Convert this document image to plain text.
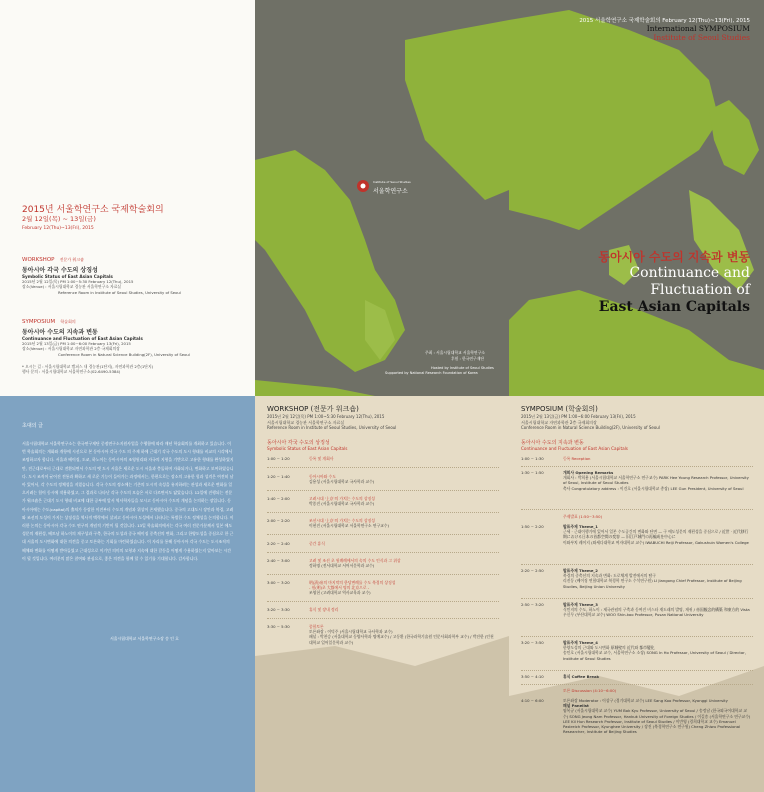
2015년 서울학연구소 국제학술회의
2월 12일(목) ~ 13일(금)
February 12(Thu)~13(Fri), 2015
WORKSHOP 전문가 워크숍
동아시아 각국 수도의 상징성
Symbolic Status of East Asian Capitals
2015년 2월 12일(목) PM 1:00~5:30 February 12(Thu), 2015
장소(Venue) : 서울시립대학교 경농관 서울학연구소 자료실
Reference Room in Institute of Seoul Studies, University of Seoul
SYMPOSIUM 학술회의
동아시아 수도의 지속과 변동
Continuance and Fluctuation of East Asian Capitals
2015년 2월 13일(금) PM 1:00~6:00 February 13(Fri), 2015
장소(Venue) : 서울시립대학교 자연과학관 2층 국제회의장
Conference Room in Natural Science Building(2F), University of Seoul
* 오시는 길 : 서울시립대학교 캠퍼스 내 경농관(1단지), 자연과학관 2층(1단지)
행사 문의 : 서울시립대학교 서울학연구소(02-6490-5384)
Institute of Seoul Studies
서울학연구소
주최 : 서울시립대학교 서울학연구소
후원 : 한국연구재단
Hosted by Institute of Seoul Studies
Supported by National Research Foundation of Korea
2015 서울학연구소 국제학술회의 February 12(Thu)~13(Fri), 2015
International SYMPOSIUM
Institute of Seoul Studies
동아시아 수도의 지속과 변동
Continuance and
Fluctuation of
East Asian Capitals
초대의 글
서울시립대학교 서울학연구소는 한국연구재단 중점연구소지원사업을 수행함에 따라 매년 학술회의를 개최하고 있습니다. 이번 학술회의는 개화와 개항에 시선으로 본 동아시아 각국 수도 의 주제 하에 근대기 각국 수도의 도시 형태를 비교의 시각에서 조명하고자 합니다. 서울과 베이징, 도쿄, 하노이는 동아시아의 조영원리와 자국의 지형을 기반으로 고유한 형태를 완성하였지만, 전근대로부터 근대로 전환되면서 수도의 옛 도시 서울은 새로운 도시 서울과 충돌하며 자화되거나, 변화하고 보여하였습니다. 도시 조직이 굳어진 전통과 확하고 새 로운 기능이 들어가는 과정에서는, 한편으로는 장소의 고유한 힘과 성격은 여전히 남아 있어서, 각 수도의 정체성을 지켰습니다. 각국 수도의 정소에는 기존의 도시적 속성을 유지하려는 관성과 새로운 변화를 일으키려는 힘이 동시에 작용하였고, 그 결과로 나타난 각국 수도의 모습은 서로 다르면서도 닮았습니다. 12일에 진행되는 전문가 워크숍은 근대기 도시 형태 비교에 대한 공부에 앞서 역사학자들을 모시고 동아시아 수도의 개념을 논의하는 장입니다. 동아시아에는 수도(capital)의 출처가 등장한 이전부터 수도의 개념과 위상이 존재했습니다. 중국의 고대도시 장안과 북경, 고려와 조선의 도성이 가지는 상징성을 역사적 맥락에서 살펴고 동아시아 도성에서 나타나는 특별한 수도 정체성을 논의합니다. 이러한 논의는 동아시아 각국 수도 연구의 개념적 기반이 될 것입니다. 13일 학술회의에서는 각국 여러 전문가분께서 일본 에도 성문의 재편성, 베트남 하노이의 재구성과 구축, 한국의 도성과 중국 베이징 중축선의 변화, 그리고 한양도성을 중심으로 한 근대 서울의 도시변화에 대한 의견을 중고 토론하는 기회를 마련하였습니다. 이 자리를 통해 동아시아 각국 수도는 도시조직의 해체와 변화를 어떻게 받아들였고 근대성으로 이기민 의미의 모형과 지속에 대한 갈등을 어떻게 수용하였는지 알아보는 시간이 될 것입니다. 여러분의 많은 참여와 관심으로, 좋은 의견을 함께 할 수 있기를 기대합니다. 감사합니다.
서울시립대학교 서울학연구소장 송 인 호
WORKSHOP (전문가 워크숍)
2015년 2월 12일(목) PM 1:00~5:30 February 12(Thu), 2015
서울시립대학교 경농관 서울학연구소 자료실
Reference Room in Institute of Seoul Studies, University of Seoul
동아시아 각국 수도의 상징성
Symbolic Status of East Asian Capitals
1:00 ~ 1:20	등록 및 개회사
1:20 ~ 1:40	동아시아와 수도
김용성 (서울시립대학교 국사학과 교수)
1:40 ~ 2:00	고려시대 '上京'의 가치는 수도의 상징성
박종진 (서울시립대학교 국사학과 교수)
2:00 ~ 2:20	조선시대 '上京'의 가치는 수도의 상징성
이현진 (서울시립대학교 서울학연구소 연구교수)
2:20 ~ 2:40	중간 휴식
2:40 ~ 3:00	고려 및 조선 초 원례례에서의 속의 수도 인식과 그 위상
정하명 (전서대학교 서어서문학과 교수)
3:00 ~ 3:20	明(淸)帝의 마지막의 한당변례를 수도 북경의 상징성
- 원(明)초 大都에서 명의 北京으로 -
조영헌 (고려대학교 역사교육과 교수)
3:20 ~ 3:30	휴식 및 장내 정리
3:30 ~ 5:30	종합토론
토론좌장 : 이덕주 (서울시립대학교 국사학과 교수)
패널 : 박찬승 (서울대학교 동양사학과 명예교수) / 고동환 (한국과학기술원 인문사회과학부 교수) / 박진한 (인천대학교 일어일문학과 교수)
SYMPOSIUM (학술회의)
2015년 2월 13일(금) PM 1:00~6:00 February 13(Fri), 2015
서울시립대학교 자연과학관 2층 국제회의장
Conference Room in Natural Science Building(2F), University of Seoul
동아시아 수도의 지속과 변동
Continuance and Fluctuation of East Asian Capitals
1:00 ~ 1:30	등록 Reception
1:30 ~ 1:50	개회사 Opening Remarks
개회사 : 박희용 (서울시립대학교 서울학연구소 연구교수) PARK Hee Young Research Professor, University of Seoul, Institute of Seoul Studies
축사 Congratulatory address : 이건호 (서울시립대학교 총장) LEE Gun President, University of Seoul
주제발표 (1:50~3:50)
1:50 ~ 2:20	발표주제 Theme_1
근세 · 근대이행기에 있어서 일본 수도공간의 변화와 단면 — 구 에도성문의 재편성을 중심으로 / 近世 · 近代移行期における日本の首都空間の変容 — 旧江戸城門の再編成を中心に
이와부치 레이지 (와세다대학교 여자대학교 교수) IWABUCHI Reiji Professor, Gakushuin Women's College
2:20 ~ 2:50	발표주제 Theme_2
북경의 중축선의 지속과 변화: 도로체계 발전에서의 탐구
리진둥 (베이징 연합대학교 북경학 연구소 수석연구원) LI Jiangong Chief Professor, Institute of Beijing Studies, Beijing Union University
2:50 ~ 3:20	발표주제 Theme_3
식민지의 수도, 하노이 : 제국관념의 구축과 동여진 비스타 재도래의 발명, 재귀 / 帝国観念的構築 和東方的 Vista
우신무 (부산대학교 교수) WOO Shin-koo Professor, Pusan National University
3:20 ~ 3:50	발표주제 Theme_4
한양도성의 근대와 도시변화 原城壁의 近代와 都市變化
송인호 (서울시립대학교 교수, 서울학연구소 소장) SONG In Ho Professor, University of Seoul / Director, Institute of Seoul Studies
3:50 ~ 4:10	휴식 Coffee Break
토론 Discussion (4:10~6:00)
4:10 ~ 6:00	토론좌장 Moderator : 이상구 (경기대학교 교수) LEE Sang Koo Professor, Kyonggi University
패널 Panelist
염복규 (서울시립대학교 교수) YUM Bok Kyu Professor, University of Seoul / 송정남 (한국외국어대학교 교수) SONG Jeong Nam Professor, Hankuk University of Foreign Studies / 이길송 (서울학연구소 연구교수) LEE Kil Hun Research Professor, Institute of Seoul Studies / 이만영 (경희대학교 교수) Emanuel Pastreich Professor, Kyunghee University / 장진 (북경학연구소 연구원) Cheng Zhiwu Professional Researcher, Institute of Beijing Studies
